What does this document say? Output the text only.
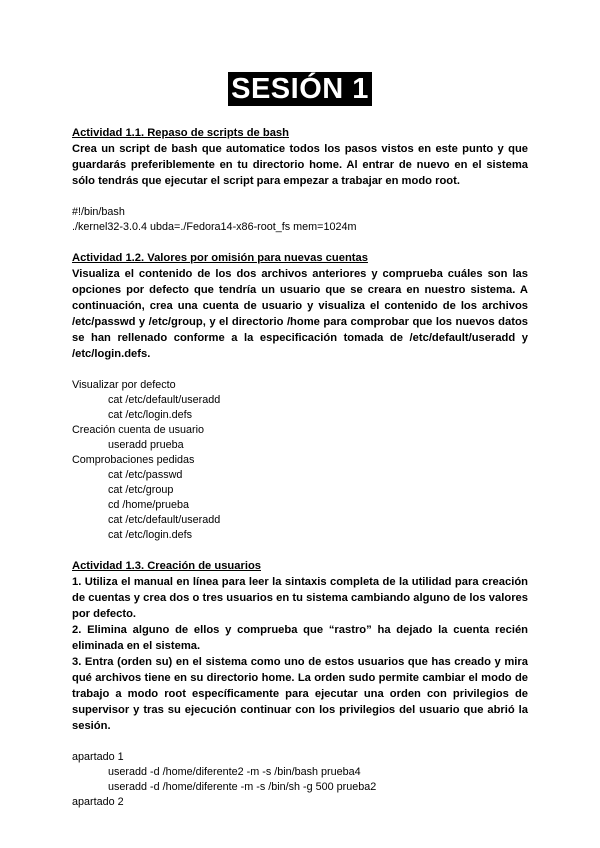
SESIÓN 1

Actividad 1.1. Repaso de scripts de bash

Crea un script de bash que automatice todos los pasos vistos en este punto y que guardarás preferiblemente en tu directorio home. Al entrar de nuevo en el sistema sólo tendrás que ejecutar el script para empezar a trabajar en modo root.

#!/bin/bash

./kernel32-3.0.4 ubda=./Fedora14-x86-root_fs mem=1024m

Actividad 1.2. Valores por omisión para nuevas cuentas

Visualiza el contenido de los dos archivos anteriores y comprueba cuáles son las opciones por defecto que tendría un usuario que se creara en nuestro sistema. A continuación, crea una cuenta de usuario y visualiza el contenido de los archivos /etc/passwd y /etc/group, y el directorio /home para comprobar que los nuevos datos se han rellenado conforme a la especificación tomada de /etc/default/useradd y /etc/login.defs.

Visualizar por defecto

cat /etc/default/useradd

cat /etc/login.defs

Creación cuenta de usuario

useradd prueba

Comprobaciones pedidas

cat /etc/passwd

cat /etc/group

cd /home/prueba

cat /etc/default/useradd

cat /etc/login.defs

Actividad 1.3. Creación de usuarios

1. Utiliza el manual en línea para leer la sintaxis completa de la utilidad para creación de cuentas y crea dos o tres usuarios en tu sistema cambiando alguno de los valores por defecto.

2. Elimina alguno de ellos y comprueba que “rastro” ha dejado la cuenta recién eliminada en el sistema.

3. Entra (orden su) en el sistema como uno de estos usuarios que has creado y mira qué archivos tiene en su directorio home. La orden sudo permite cambiar el modo de trabajo a modo root específicamente para ejecutar una orden con privilegios de supervisor y tras su ejecución continuar con los privilegios del usuario que abrió la sesión.

apartado 1

useradd -d /home/diferente2 -m -s /bin/bash prueba4

useradd -d /home/diferente -m -s /bin/sh -g 500 prueba2

apartado 2
